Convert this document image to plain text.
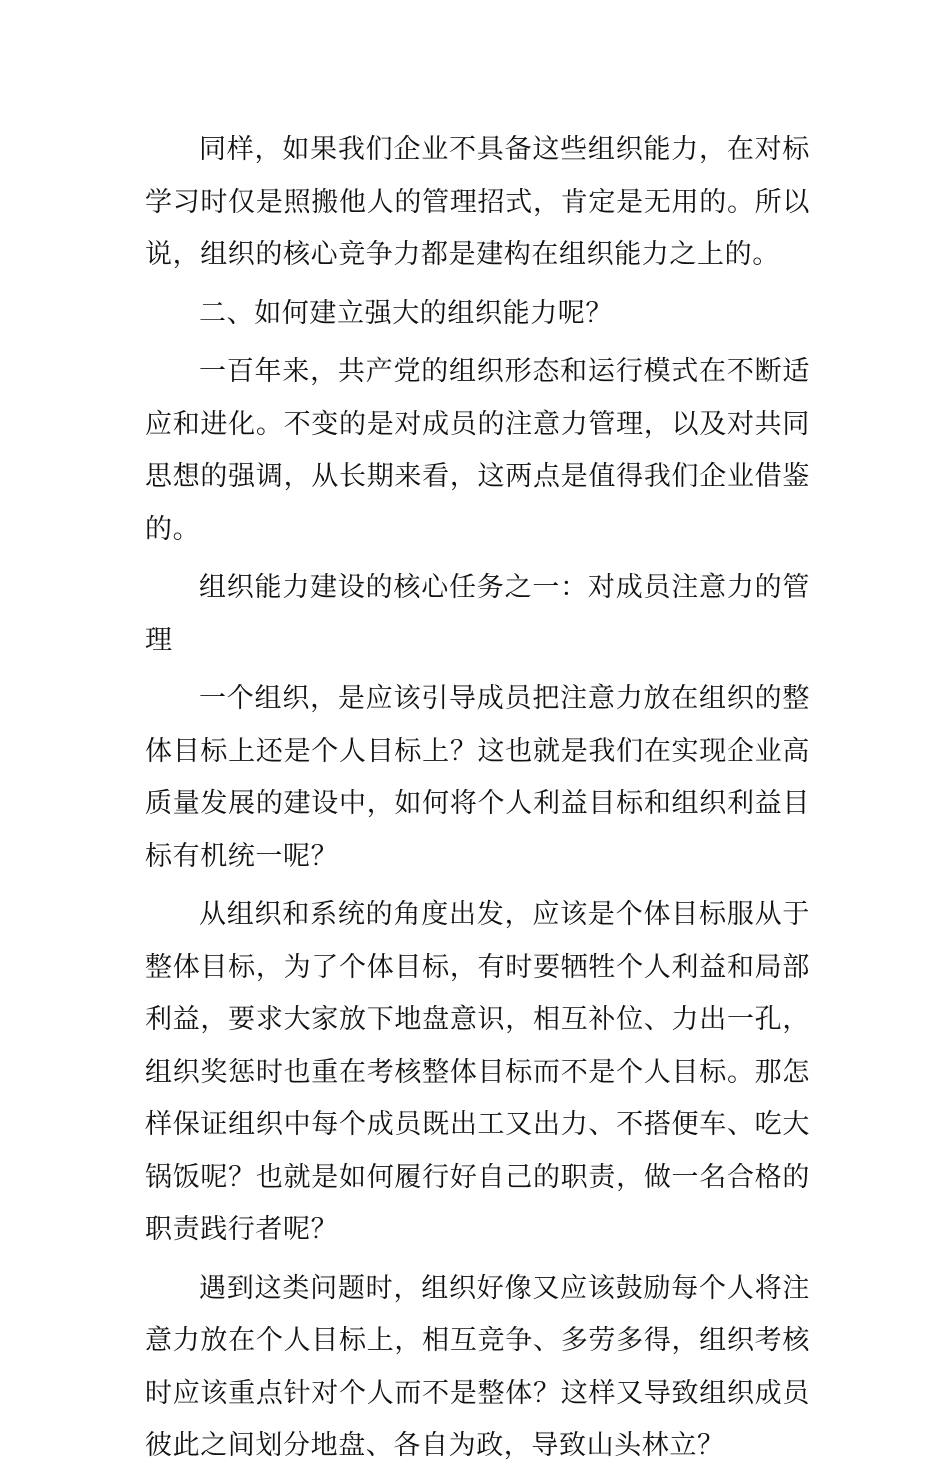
同样，如果我们企业不具备这些组织能力，在对标学习时仅是照搬他人的管理招式，肯定是无用的。所以说，组织的核心竞争力都是建构在组织能力之上的。

二、如何建立强大的组织能力呢？

一百年来，共产党的组织形态和运行模式在不断适应和进化。不变的是对成员的注意力管理，以及对共同思想的强调，从长期来看，这两点是值得我们企业借鉴的。

组织能力建设的核心任务之一：对成员注意力的管理

一个组织，是应该引导成员把注意力放在组织的整体目标上还是个人目标上？这也就是我们在实现企业高质量发展的建设中，如何将个人利益目标和组织利益目标有机统一呢？

从组织和系统的角度出发，应该是个体目标服从于整体目标，为了个体目标，有时要牺牲个人利益和局部利益，要求大家放下地盘意识，相互补位、力出一孔，组织奖惩时也重在考核整体目标而不是个人目标。那怎样保证组织中每个成员既出工又出力、不搭便车、吃大锅饭呢？也就是如何履行好自己的职责，做一名合格的职责践行者呢？

遇到这类问题时，组织好像又应该鼓励每个人将注意力放在个人目标上，相互竞争、多劳多得，组织考核时应该重点针对个人而不是整体？这样又导致组织成员彼此之间划分地盘、各自为政，导致山头林立？
